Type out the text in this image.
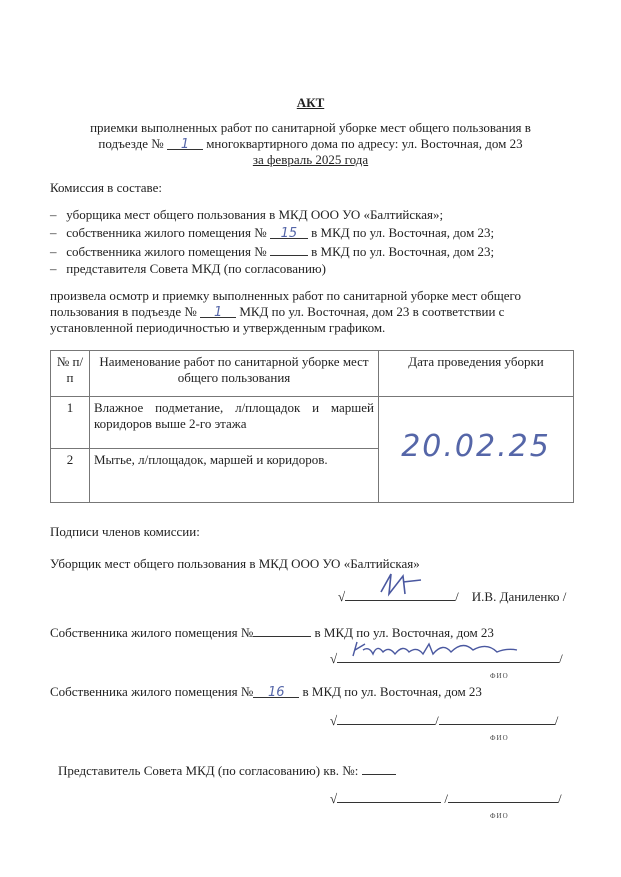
АКТ
приемки выполненных работ по санитарной уборке мест общего пользования в
подъезде № 1 многоквартирного дома по адресу: ул. Восточная, дом 23
за февраль 2025 года
Комиссия в составе:
–   уборщика мест общего пользования в МКД ООО УО «Балтийская»;
–   собственника жилого помещения № 15 в МКД по ул. Восточная, дом 23;
–   собственника жилого помещения №	в МКД по ул. Восточная, дом 23;
–   представителя Совета МКД (по согласованию)
произвела осмотр и приемку выполненных работ по санитарной уборке мест общего
пользования в подъезде № 1 МКД по ул. Восточная, дом 23 в соответствии с
установленной периодичностью и утвержденным графиком.
№ п/п	Наименование работ по санитарной уборке мест общего пользования	Дата проведения уборки
1	Влажное подметание, л/площадок и маршей коридоров выше 2-го этажа	20.02.25
2	Мытье, л/площадок, маршей и коридоров.	
Подписи членов комиссии:
Уборщик мест общего пользования в МКД ООО УО «Балтийская»
√	/    И.В. Даниленко /
Собственника жилого помещения №	в МКД по ул. Восточная, дом 23
√	/
ФИО
Собственника жилого помещения № 16 в МКД по ул. Восточная, дом 23
√	/	/
ФИО
Представитель Совета МКД (по согласованию) кв. №:
√	/	/
ФИО
